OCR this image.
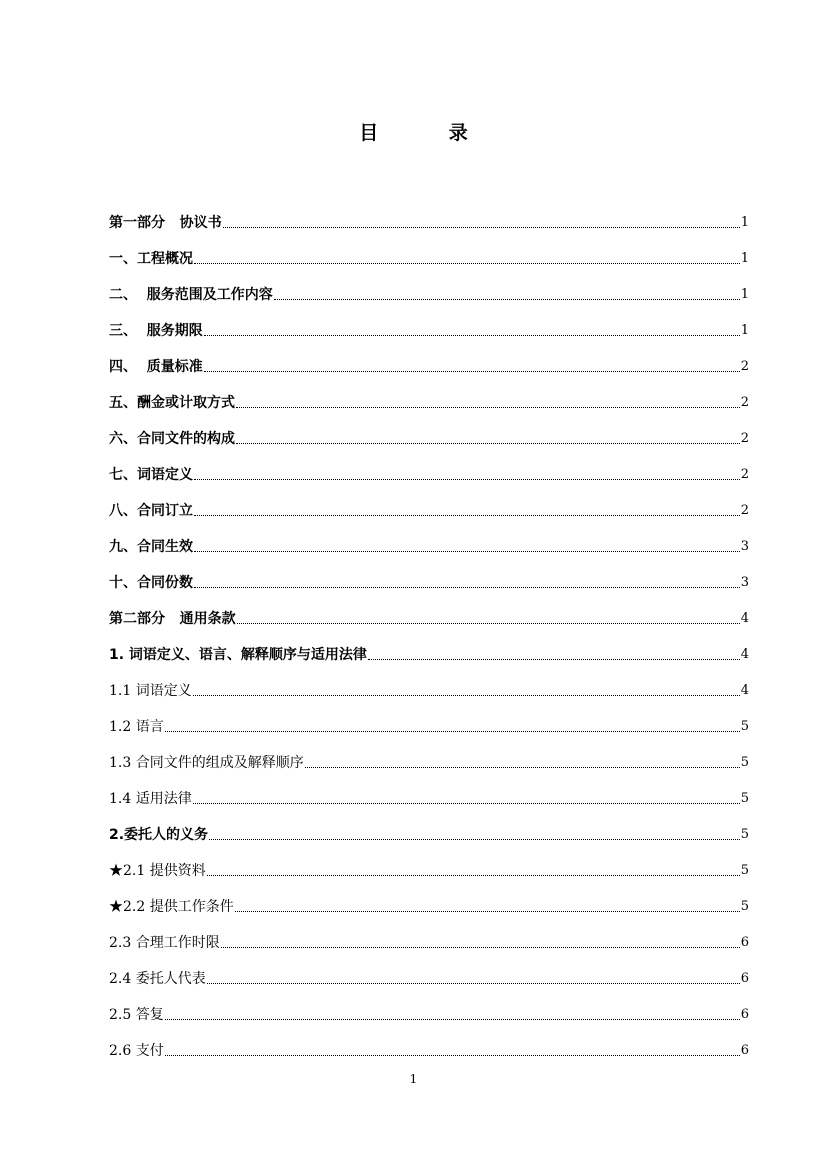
目 录
第一部分   协议书	1
一、工程概况	1
二、  服务范围及工作内容	1
三、  服务期限	1
四、  质量标准	2
五、酬金或计取方式	2
六、合同文件的构成	2
七、词语定义	2
八、合同订立	2
九、合同生效	3
十、合同份数	3
第二部分   通用条款	4
1. 词语定义、语言、解释顺序与适用法律	4
1.1 词语定义	4
1.2 语言	5
1.3 合同文件的组成及解释顺序	5
1.4 适用法律	5
2.委托人的义务	5
★2.1 提供资料	5
★2.2 提供工作条件	5
2.3 合理工作时限	6
2.4 委托人代表	6
2.5 答复	6
2.6 支付	6
1
